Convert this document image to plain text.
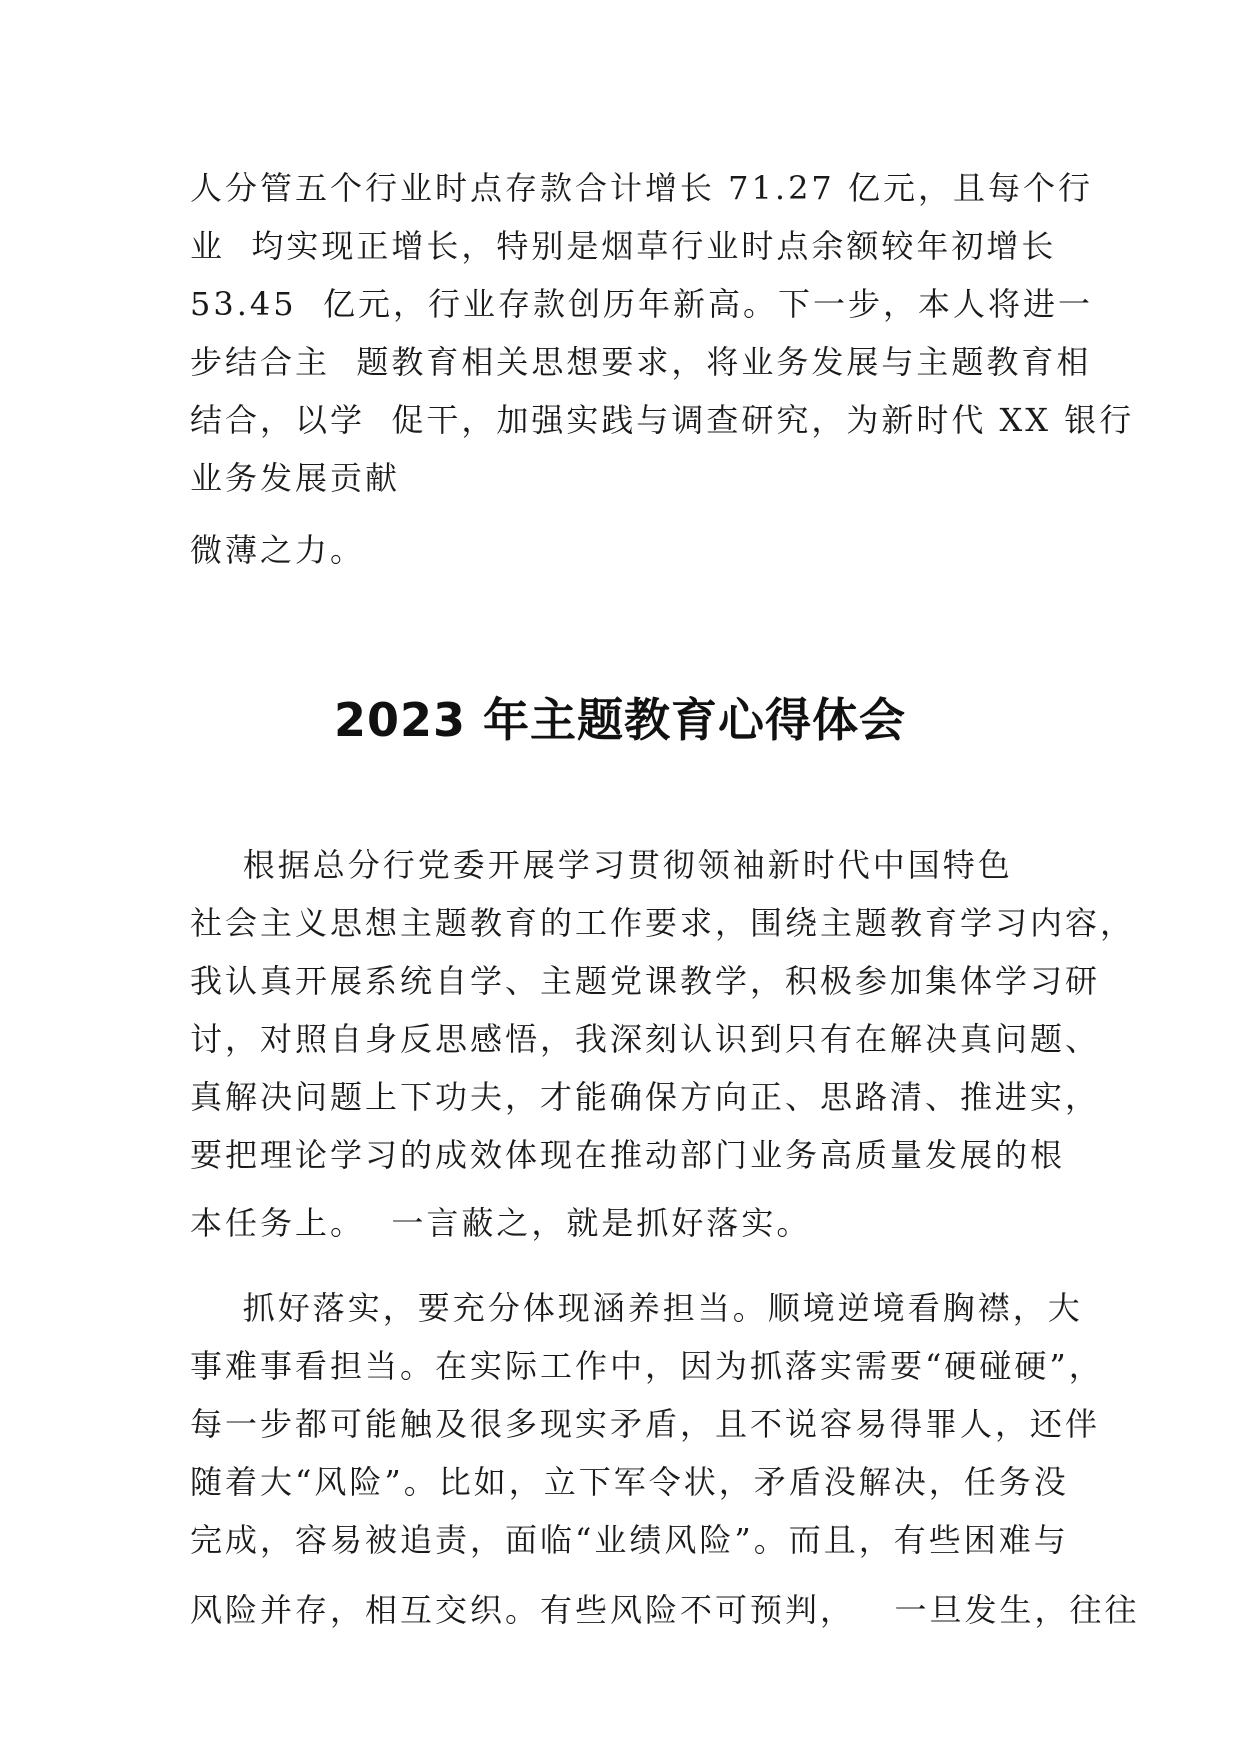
人分管五个行业时点存款合计增长 71.27 亿元，且每个行
业  均实现正增长，特别是烟草行业时点余额较年初增长
53.45  亿元，行业存款创历年新高。下一步，本人将进一
步结合主  题教育相关思想要求，将业务发展与主题教育相
结合，以学  促干，加强实践与调查研究，为新时代 XX 银行
业务发展贡献
微薄之力。
2023 年主题教育心得体会
根据总分行党委开展学习贯彻领袖新时代中国特色
社会主义思想主题教育的工作要求，围绕主题教育学习内容，
我认真开展系统自学、主题党课教学，积极参加集体学习研
讨，对照自身反思感悟，我深刻认识到只有在解决真问题、
真解决问题上下功夫，才能确保方向正、思路清、推进实，
要把理论学习的成效体现在推动部门业务高质量发展的根
本任务上。  一言蔽之，就是抓好落实。
抓好落实，要充分体现涵养担当。顺境逆境看胸襟，大
事难事看担当。在实际工作中，因为抓落实需要“硬碰硬”，
每一步都可能触及很多现实矛盾，且不说容易得罪人，还伴
随着大“风险”。比如，立下军令状，矛盾没解决，任务没
完成，容易被追责，面临“业绩风险”。而且，有些困难与
风险并存，相互交织。有些风险不可预判，   一旦发生，往往
